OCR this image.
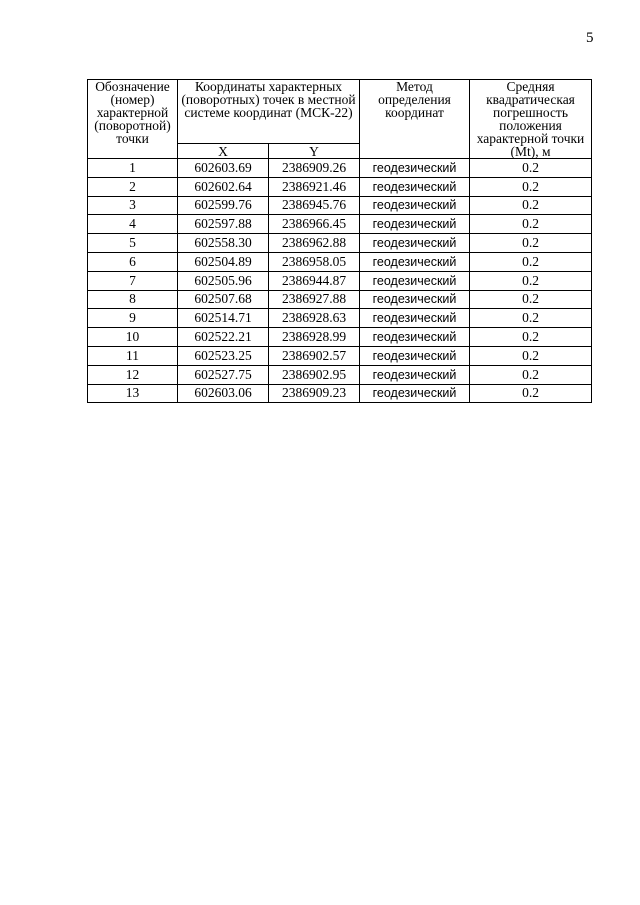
5
Обозначение (номер) характерной (поворотной) точки	Координаты характерных (поворотных) точек в местной системе координат (МСК-22)		Метод определения координат	Средняя квадратическая погрешность положения характерной точки (Mt), м
	X	Y		
1	602603.69	2386909.26	геодезический	0.2
2	602602.64	2386921.46	геодезический	0.2
3	602599.76	2386945.76	геодезический	0.2
4	602597.88	2386966.45	геодезический	0.2
5	602558.30	2386962.88	геодезический	0.2
6	602504.89	2386958.05	геодезический	0.2
7	602505.96	2386944.87	геодезический	0.2
8	602507.68	2386927.88	геодезический	0.2
9	602514.71	2386928.63	геодезический	0.2
10	602522.21	2386928.99	геодезический	0.2
11	602523.25	2386902.57	геодезический	0.2
12	602527.75	2386902.95	геодезический	0.2
13	602603.06	2386909.23	геодезический	0.2
